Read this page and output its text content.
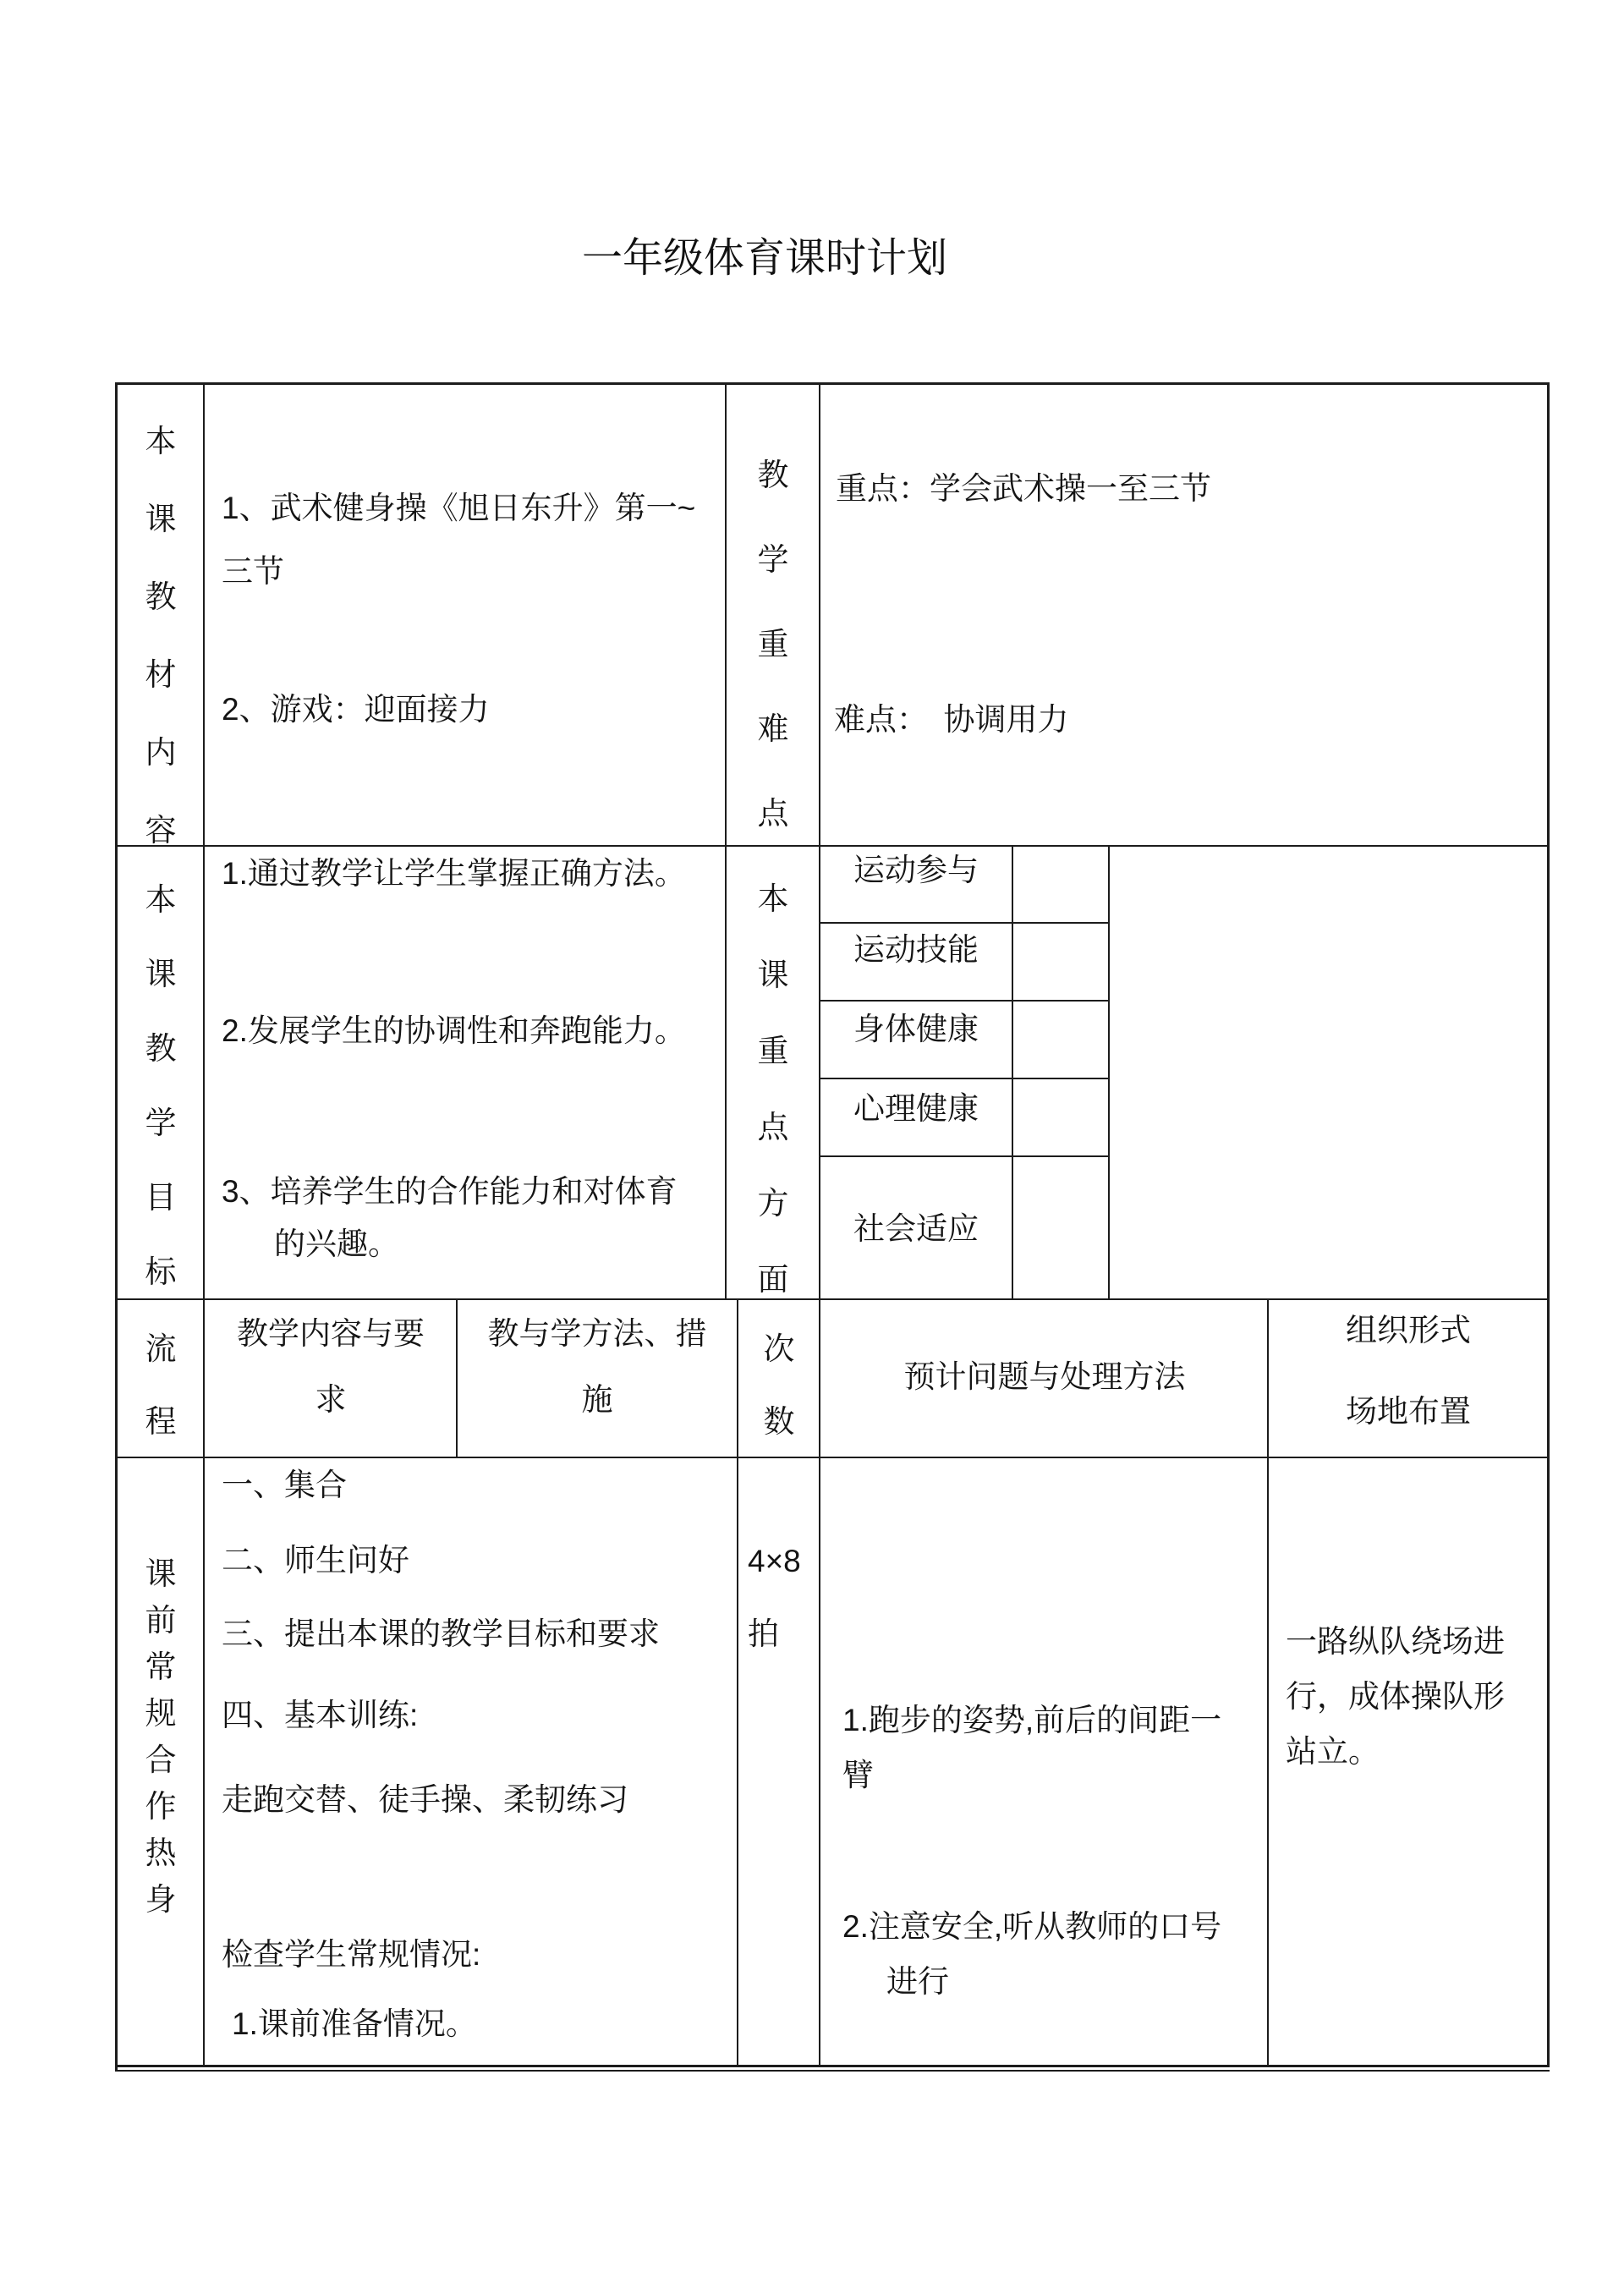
一年级体育课时计划
本课教材内容
1、武术健身操《旭日东升》第一~
三节
2、游戏：迎面接力
教学重难点
重点：学会武术操一至三节
难点：　协调用力
本课教学目标
1.通过教学让学生掌握正确方法。
2.发展学生的协调性和奔跑能力。
3、培养学生的合作能力和对体育
的兴趣。
本课重点方面
运动参与
运动技能
身体健康
心理健康
社会适应
流程
教学内容与要
求
教与学方法、措
施
次数
预计问题与处理方法
组织形式
场地布置
课前常规合作热身
一、集合
二、师生问好
三、提出本课的教学目标和要求
四、基本训练:
走跑交替、徒手操、柔韧练习
检查学生常规情况:
1.课前准备情况。
4×8
拍
1.跑步的姿势,前后的间距一
臂
2.注意安全,听从教师的口号
进行
一路纵队绕场进
行，成体操队形
站立。
